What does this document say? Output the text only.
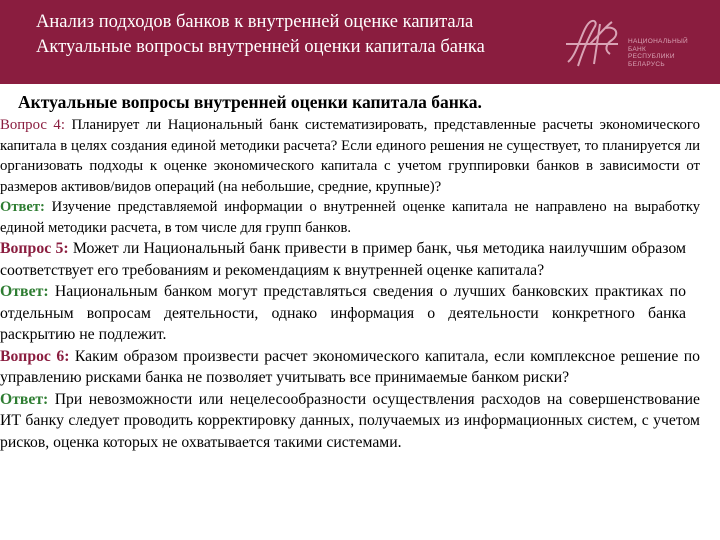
Анализ подходов банков к внутренней оценке капитала
Актуальные вопросы внутренней оценки капитала банка	НАЦИОНАЛЬНЫЙ
БАНК
РЕСПУБЛИКИ
БЕЛАРУСЬ
Актуальные вопросы внутренней оценки капитала банка.

Вопрос 4: Планирует ли Национальный банк систематизировать, представленные расчеты экономического капитала в целях создания единой методики расчета? Если единого решения не существует, то планируется ли организовать подходы к оценке экономического капитала с учетом группировки банков в зависимости от размеров активов/видов операций (на небольшие, средние, крупные)?

Ответ: Изучение представляемой информации о внутренней оценке капитала не направлено на выработку единой методики расчета, в том числе для групп банков.

Вопрос 5: Может ли Национальный банк привести в пример банк, чья методика наилучшим образом соответствует его требованиям и рекомендациям к внутренней оценке капитала?

Ответ: Национальным банком могут представляться сведения о лучших банковских практиках по отдельным вопросам деятельности, однако информация о деятельности конкретного банка раскрытию не подлежит.

Вопрос 6: Каким образом произвести расчет экономического капитала, если комплексное решение по управлению рисками банка не позволяет учитывать все принимаемые банком риски?

Ответ: При невозможности или нецелесообразности осуществления расходов на совершенствование ИТ банку следует проводить корректировку данных, получаемых из информационных систем, с учетом рисков, оценка которых не охватывается такими системами.
